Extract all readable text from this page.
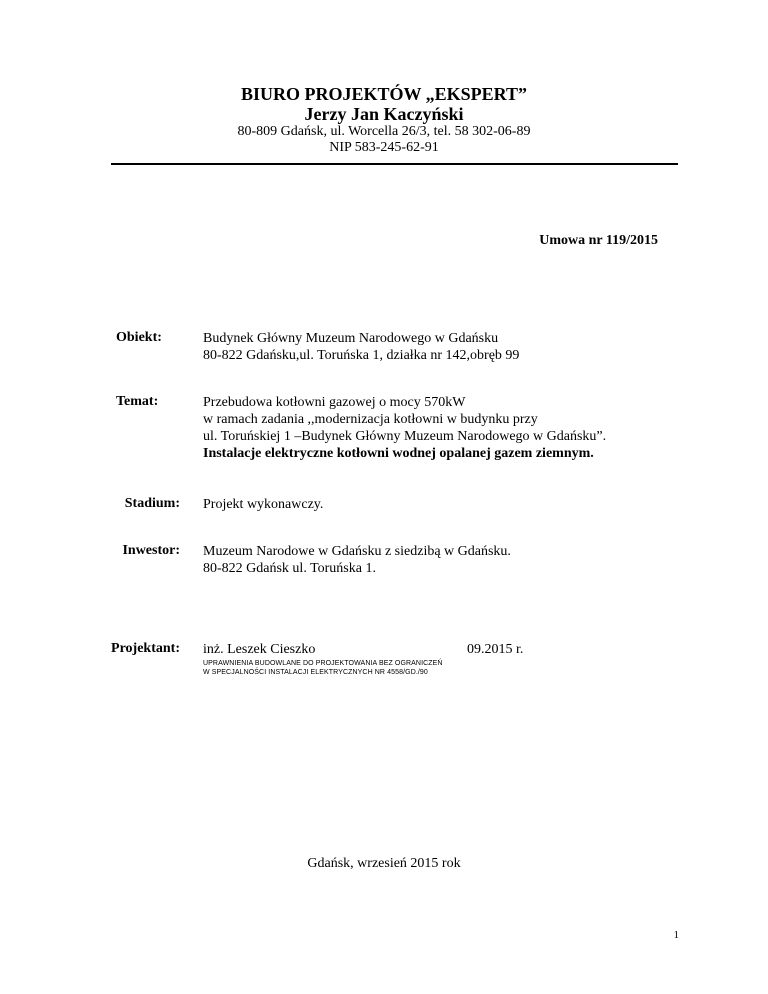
BIURO PROJEKTÓW „EKSPERT”
Jerzy Jan Kaczyński
80-809 Gdańsk, ul. Worcella 26/3, tel. 58 302-06-89
NIP 583-245-62-91
Umowa nr 119/2015
Obiekt:	Budynek Główny Muzeum Narodowego w Gdańsku
80-822 Gdańsku,ul. Toruńska 1, działka nr 142,obręb 99
Temat:	Przebudowa kotłowni gazowej o mocy 570kW
w ramach zadania ,,modernizacja kotłowni w budynku przy
ul. Toruńskiej 1 –Budynek Główny Muzeum Narodowego w Gdańsku”.
Instalacje elektryczne kotłowni wodnej opalanej gazem ziemnym.
Stadium: Projekt wykonawczy.
Inwestor: Muzeum Narodowe w Gdańsku z siedzibą w Gdańsku.
80-822 Gdańsk ul. Toruńska 1.
Projektant: inż. Leszek Cieszko	09.2015 r.
UPRAWNIENIA BUDOWLANE DO PROJEKTOWANIA BEZ OGRANICZEŃ
W SPECJALNOŚCI INSTALACJI ELEKTRYCZNYCH NR 4558/GD./90
Gdańsk, wrzesień 2015 rok
1
